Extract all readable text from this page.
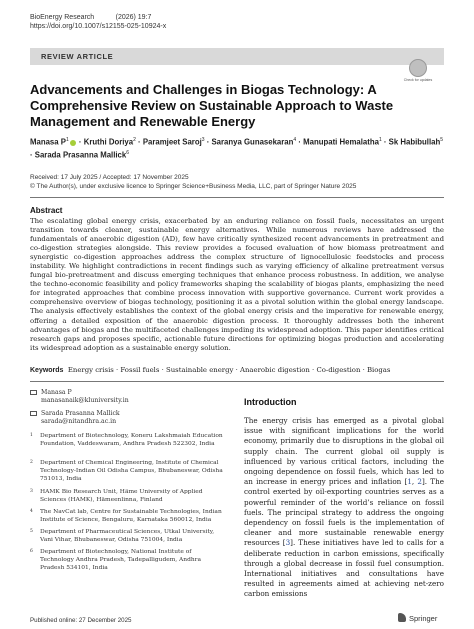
BioEnergy Research	(2026) 19:7
https://doi.org/10.1007/s12155-025-10924-x
REVIEW ARTICLE
Check for updates
Advancements and Challenges in Biogas Technology: A Comprehensive Review on Sustainable Approach to Waste Management and Renewable Energy
Manasa $P^1$ · Kruthi Doriya$^2$ · Paramjeet Saroj$^3$ · Saranya Gunasekaran$^4$ · Manupati Hemalatha$^1$ · Sk Habibullah$^5$ · Sarada Prasanna Mallick$^6$
Received: 17 July 2025 / Accepted: 17 November 2025
© The Author(s), under exclusive licence to Springer Science+Business Media, LLC, part of Springer Nature 2025
Abstract
The escalating global energy crisis, exacerbated by an enduring reliance on fossil fuels, necessitates an urgent transition towards cleaner, sustainable energy alternatives. While numerous reviews have addressed the fundamentals of anaerobic digestion (AD), few have critically synthesized recent advancements in pretreatment and co-digestion strategies alongside. This review provides a focused evaluation of how biomass pretreatment and synergistic co-digestion approaches address the complex structure of lignocellulosic feedstocks and process instability. We highlight contradictions in recent findings such as varying efficiency of alkaline pretreatment versus fungal bio-pretreatment and discuss emerging techniques that enhance process robustness. In addition, we analyse the techno-economic feasibility and policy frameworks shaping the scalability of biogas plants, emphasizing the need for integrated approaches that combine process innovation with supportive governance. Current work provides a comprehensive overview of biogas technology, positioning it as a pivotal solution within the global energy landscape. The analysis effectively establishes the context of the global energy crisis and the imperative for renewable energy, offering a detailed exposition of the anaerobic digestion process. It thoroughly addresses both the inherent advantages of biogas and the multifaceted challenges impeding its widespread adoption. This paper identifies critical research gaps and proposes specific, actionable future directions for optimizing biogas production and accelerating its widespread adoption as a sustainable energy solution.
Keywords Energy crisis · Fossil fuels · Sustainable energy · Anaerobic digestion · Co-digestion · Biogas
Manasa P
manasanaik@kluniversity.in
Sarada Prasanna Mallick
sarada@nitandhra.ac.in
1 Department of Biotechnology, Koneru Lakshmaiah Education Foundation, Vaddeswaram, Andhra Pradesh 522302, India
2 Department of Chemical Engineering, Institute of Chemical Technology-Indian Oil Odisha Campus, Bhubaneswar, Odisha 751013, India
3 HAMK Bio Research Unit, Häme University of Applied Sciences (HAMK), Hämeenlinna, Finland
4 The NavCat lab, Centre for Sustainable Technologies, Indian Institute of Science, Bengaluru, Karnataka 560012, India
5 Department of Pharmaceutical Sciences, Utkal University, Vani Vihar, Bhubaneswar, Odisha 751004, India
6 Department of Biotechnology, National Institute of Technology Andhra Pradesh, Tadepalligudem, Andhra Pradesh 534101, India
Introduction
The energy crisis has emerged as a pivotal global issue with significant implications for the world economy, primarily due to disruptions in the global oil supply chain. The current global oil supply is influenced by various critical factors, including the ongoing dependence on fossil fuels, which has led to an increase in energy prices and inflation [1, 2]. The control exerted by oil-exporting countries serves as a powerful reminder of the world’s reliance on fossil fuels. The principal strategy to address the ongoing dependency on fossil fuels is the implementation of cleaner and more sustainable renewable energy resources [3]. These initiatives have led to calls for a deliberate reduction in carbon emissions, specifically through a global decrease in fossil fuel consumption. International initiatives and consultations have resulted in agreements aimed at achieving net-zero carbon emissions
Published online: 27 December 2025	Springer
